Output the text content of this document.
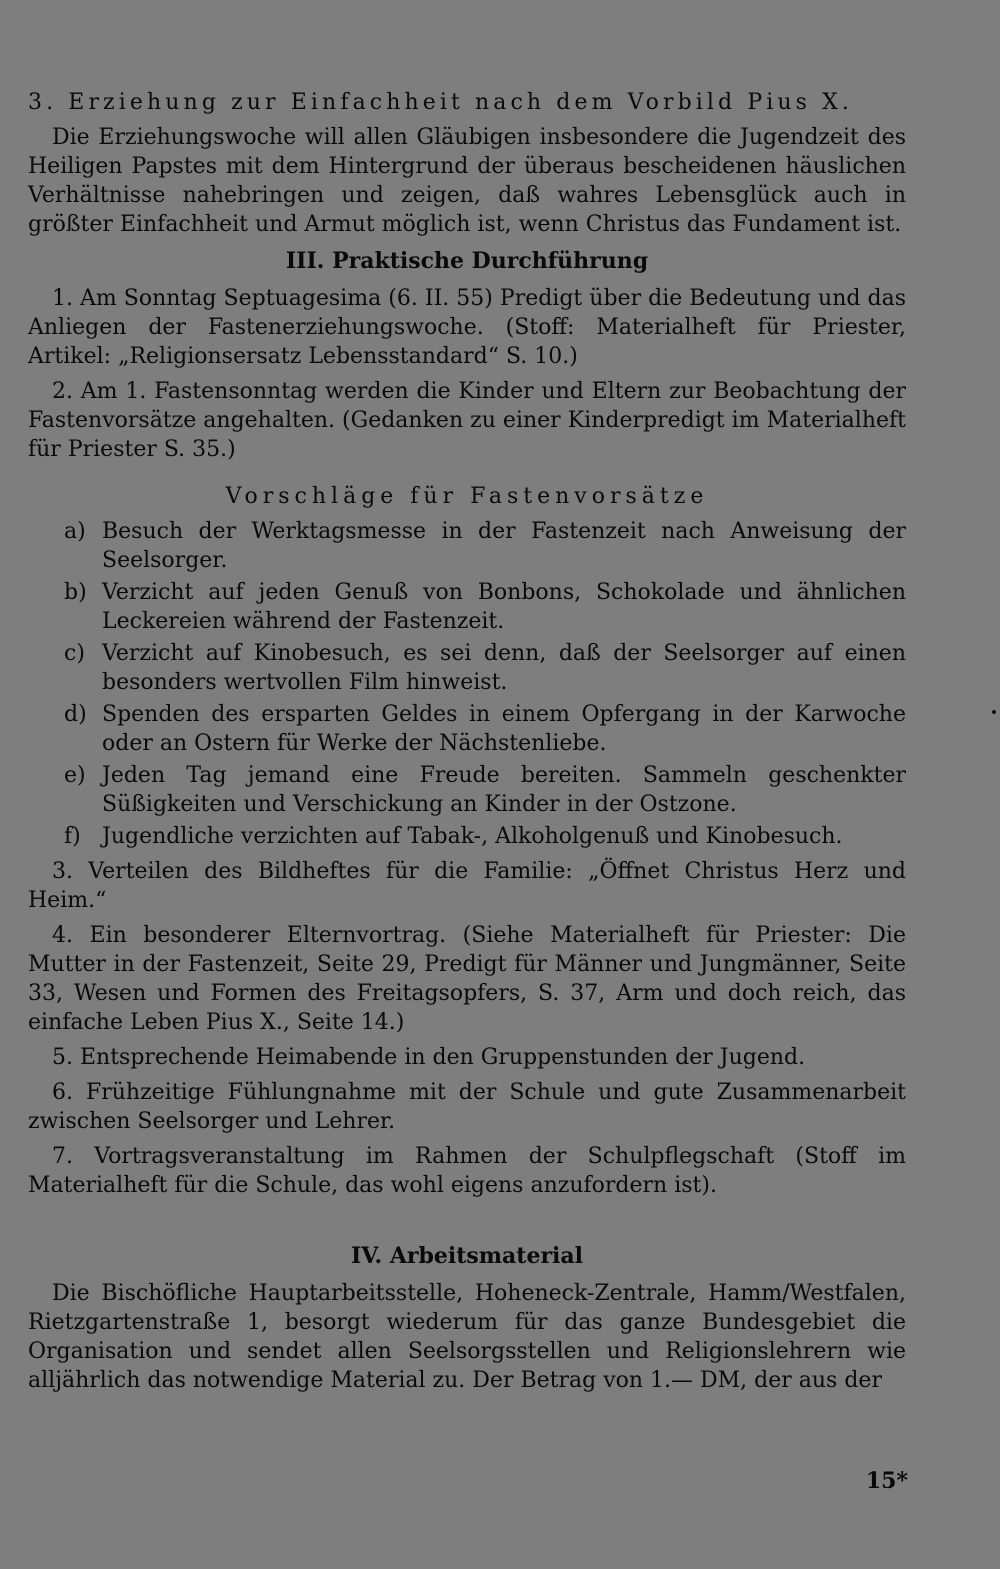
3. Erziehung zur Einfachheit nach dem Vorbild Pius X.

Die Erziehungswoche will allen Gläubigen insbesondere die Jugendzeit des Heiligen Papstes mit dem Hintergrund der überaus bescheidenen häuslichen Verhältnisse nahebringen und zeigen, daß wahres Lebensglück auch in größter Einfachheit und Armut möglich ist, wenn Christus das Fundament ist.

III. Praktische Durchführung

1. Am Sonntag Septuagesima (6. II. 55) Predigt über die Bedeutung und das Anliegen der Fastenerziehungswoche. (Stoff: Materialheft für Priester, Artikel: „Religionsersatz Lebensstandard“ S. 10.)

2. Am 1. Fastensonntag werden die Kinder und Eltern zur Beobachtung der Fastenvorsätze angehalten. (Gedanken zu einer Kinderpredigt im Materialheft für Priester S. 35.)

Vorschläge für Fastenvorsätze

a) Besuch der Werktagsmesse in der Fastenzeit nach Anweisung der Seelsorger.
b) Verzicht auf jeden Genuß von Bonbons, Schokolade und ähnlichen Leckereien während der Fastenzeit.
c) Verzicht auf Kinobesuch, es sei denn, daß der Seelsorger auf einen besonders wertvollen Film hinweist.
d) Spenden des ersparten Geldes in einem Opfergang in der Karwoche oder an Ostern für Werke der Nächstenliebe.
e) Jeden Tag jemand eine Freude bereiten. Sammeln geschenkter Süßigkeiten und Verschickung an Kinder in der Ostzone.
f) Jugendliche verzichten auf Tabak-, Alkoholgenuß und Kinobesuch.

3. Verteilen des Bildheftes für die Familie: „Öffnet Christus Herz und Heim.“

4. Ein besonderer Elternvortrag. (Siehe Materialheft für Priester: Die Mutter in der Fastenzeit, Seite 29, Predigt für Männer und Jungmänner, Seite 33, Wesen und Formen des Freitagsopfers, S. 37, Arm und doch reich, das einfache Leben Pius X., Seite 14.)

5. Entsprechende Heimabende in den Gruppenstunden der Jugend.

6. Frühzeitige Fühlungnahme mit der Schule und gute Zusammenarbeit zwischen Seelsorger und Lehrer.

7. Vortragsveranstaltung im Rahmen der Schulpflegschaft (Stoff im Materialheft für die Schule, das wohl eigens anzufordern ist).

IV. Arbeitsmaterial

Die Bischöfliche Hauptarbeitsstelle, Hoheneck-Zentrale, Hamm/Westfalen, Rietzgartenstraße 1, besorgt wiederum für das ganze Bundesgebiet die Organisation und sendet allen Seelsorgsstellen und Religionslehrern wie alljährlich das notwendige Material zu. Der Betrag von 1.— DM, der aus der

15*
